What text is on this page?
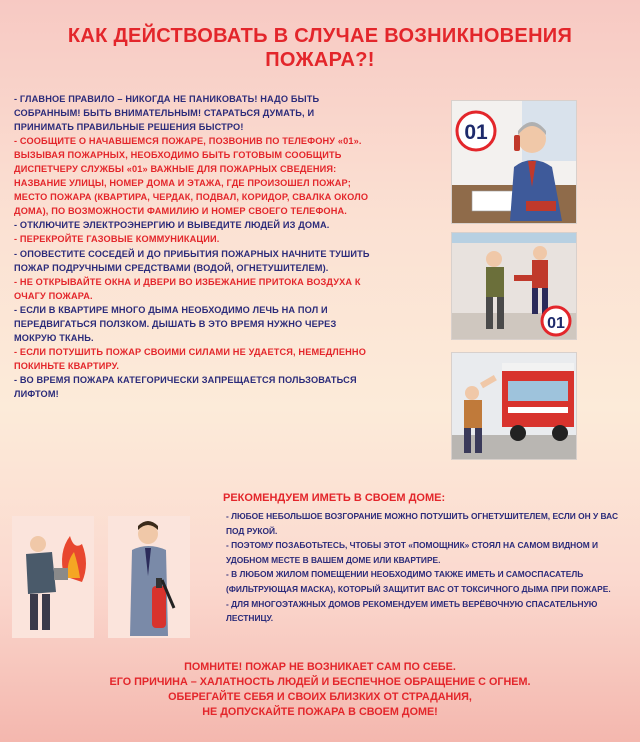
КАК ДЕЙСТВОВАТЬ В СЛУЧАЕ ВОЗНИКНОВЕНИЯ
ПОЖАРА?!

- ГЛАВНОЕ ПРАВИЛО – НИКОГДА НЕ ПАНИКОВАТЬ! НАДО БЫТЬ СОБРАННЫМ! БЫТЬ ВНИМАТЕЛЬНЫМ! СТАРАТЬСЯ ДУМАТЬ, И ПРИНИМАТЬ ПРАВИЛЬНЫЕ РЕШЕНИЯ БЫСТРО!

- СООБЩИТЕ О НАЧАВШЕМСЯ ПОЖАРЕ, ПОЗВОНИВ ПО ТЕЛЕФОНУ «01». ВЫЗЫВАЯ ПОЖАРНЫХ, НЕОБХОДИМО БЫТЬ ГОТОВЫМ СООБЩИТЬ ДИСПЕТЧЕРУ СЛУЖБЫ «01» ВАЖНЫЕ ДЛЯ ПОЖАРНЫХ СВЕДЕНИЯ: НАЗВАНИЕ УЛИЦЫ, НОМЕР ДОМА И ЭТАЖА, ГДЕ ПРОИЗОШЕЛ ПОЖАР; МЕСТО ПОЖАРА (КВАРТИРА, ЧЕРДАК, ПОДВАЛ, КОРИДОР, СВАЛКА ОКОЛО ДОМА), ПО ВОЗМОЖНОСТИ ФАМИЛИЮ И НОМЕР СВОЕГО ТЕЛЕФОНА.

- ОТКЛЮЧИТЕ ЭЛЕКТРОЭНЕРГИЮ И ВЫВЕДИТЕ ЛЮДЕЙ ИЗ ДОМА.

- ПЕРЕКРОЙТЕ ГАЗОВЫЕ КОММУНИКАЦИИ.

- ОПОВЕСТИТЕ СОСЕДЕЙ И ДО ПРИБЫТИЯ ПОЖАРНЫХ НАЧНИТЕ ТУШИТЬ ПОЖАР ПОДРУЧНЫМИ СРЕДСТВАМИ (ВОДОЙ, ОГНЕТУШИТЕЛЕМ).

- НЕ ОТКРЫВАЙТЕ ОКНА И ДВЕРИ ВО ИЗБЕЖАНИЕ ПРИТОКА ВОЗДУХА К ОЧАГУ ПОЖАРА.

- ЕСЛИ В КВАРТИРЕ МНОГО ДЫМА НЕОБХОДИМО ЛЕЧЬ НА ПОЛ И ПЕРЕДВИГАТЬСЯ ПОЛЗКОМ. ДЫШАТЬ В ЭТО ВРЕМЯ НУЖНО ЧЕРЕЗ МОКРУЮ ТКАНЬ.

- ЕСЛИ ПОТУШИТЬ ПОЖАР СВОИМИ СИЛАМИ НЕ УДАЕТСЯ, НЕМЕДЛЕННО ПОКИНЬТЕ КВАРТИРУ.

- ВО ВРЕМЯ ПОЖАРА КАТЕГОРИЧЕСКИ ЗАПРЕЩАЕТСЯ ПОЛЬЗОВАТЬСЯ ЛИФТОМ!

01
01
РЕКОМЕНДУЕМ ИМЕТЬ В СВОЕМ ДОМЕ:

- ЛЮБОЕ НЕБОЛЬШОЕ ВОЗГОРАНИЕ МОЖНО ПОТУШИТЬ ОГНЕТУШИТЕЛЕМ, ЕСЛИ ОН У ВАС ПОД РУКОЙ.

- ПОЭТОМУ ПОЗАБОТЬТЕСЬ, ЧТОБЫ ЭТОТ «ПОМОЩНИК» СТОЯЛ НА САМОМ ВИДНОМ И УДОБНОМ МЕСТЕ В ВАШЕМ ДОМЕ ИЛИ КВАРТИРЕ.

- В ЛЮБОМ ЖИЛОМ ПОМЕЩЕНИИ НЕОБХОДИМО ТАКЖЕ ИМЕТЬ И САМОСПАСАТЕЛЬ (ФИЛЬТРУЮЩАЯ МАСКА), КОТОРЫЙ ЗАЩИТИТ ВАС ОТ ТОКСИЧНОГО ДЫМА ПРИ ПОЖАРЕ.

- ДЛЯ МНОГОЭТАЖНЫХ ДОМОВ РЕКОМЕНДУЕМ ИМЕТЬ ВЕРЁВОЧНУЮ СПАСАТЕЛЬНУЮ ЛЕСТНИЦУ.

ПОМНИТЕ! ПОЖАР НЕ ВОЗНИКАЕТ САМ ПО СЕБЕ.
ЕГО ПРИЧИНА – ХАЛАТНОСТЬ ЛЮДЕЙ И БЕСПЕЧНОЕ ОБРАЩЕНИЕ С ОГНЕМ.
ОБЕРЕГАЙТЕ СЕБЯ И СВОИХ БЛИЗКИХ ОТ СТРАДАНИЯ,
НЕ ДОПУСКАЙТЕ ПОЖАРА В СВОЕМ ДОМЕ!
